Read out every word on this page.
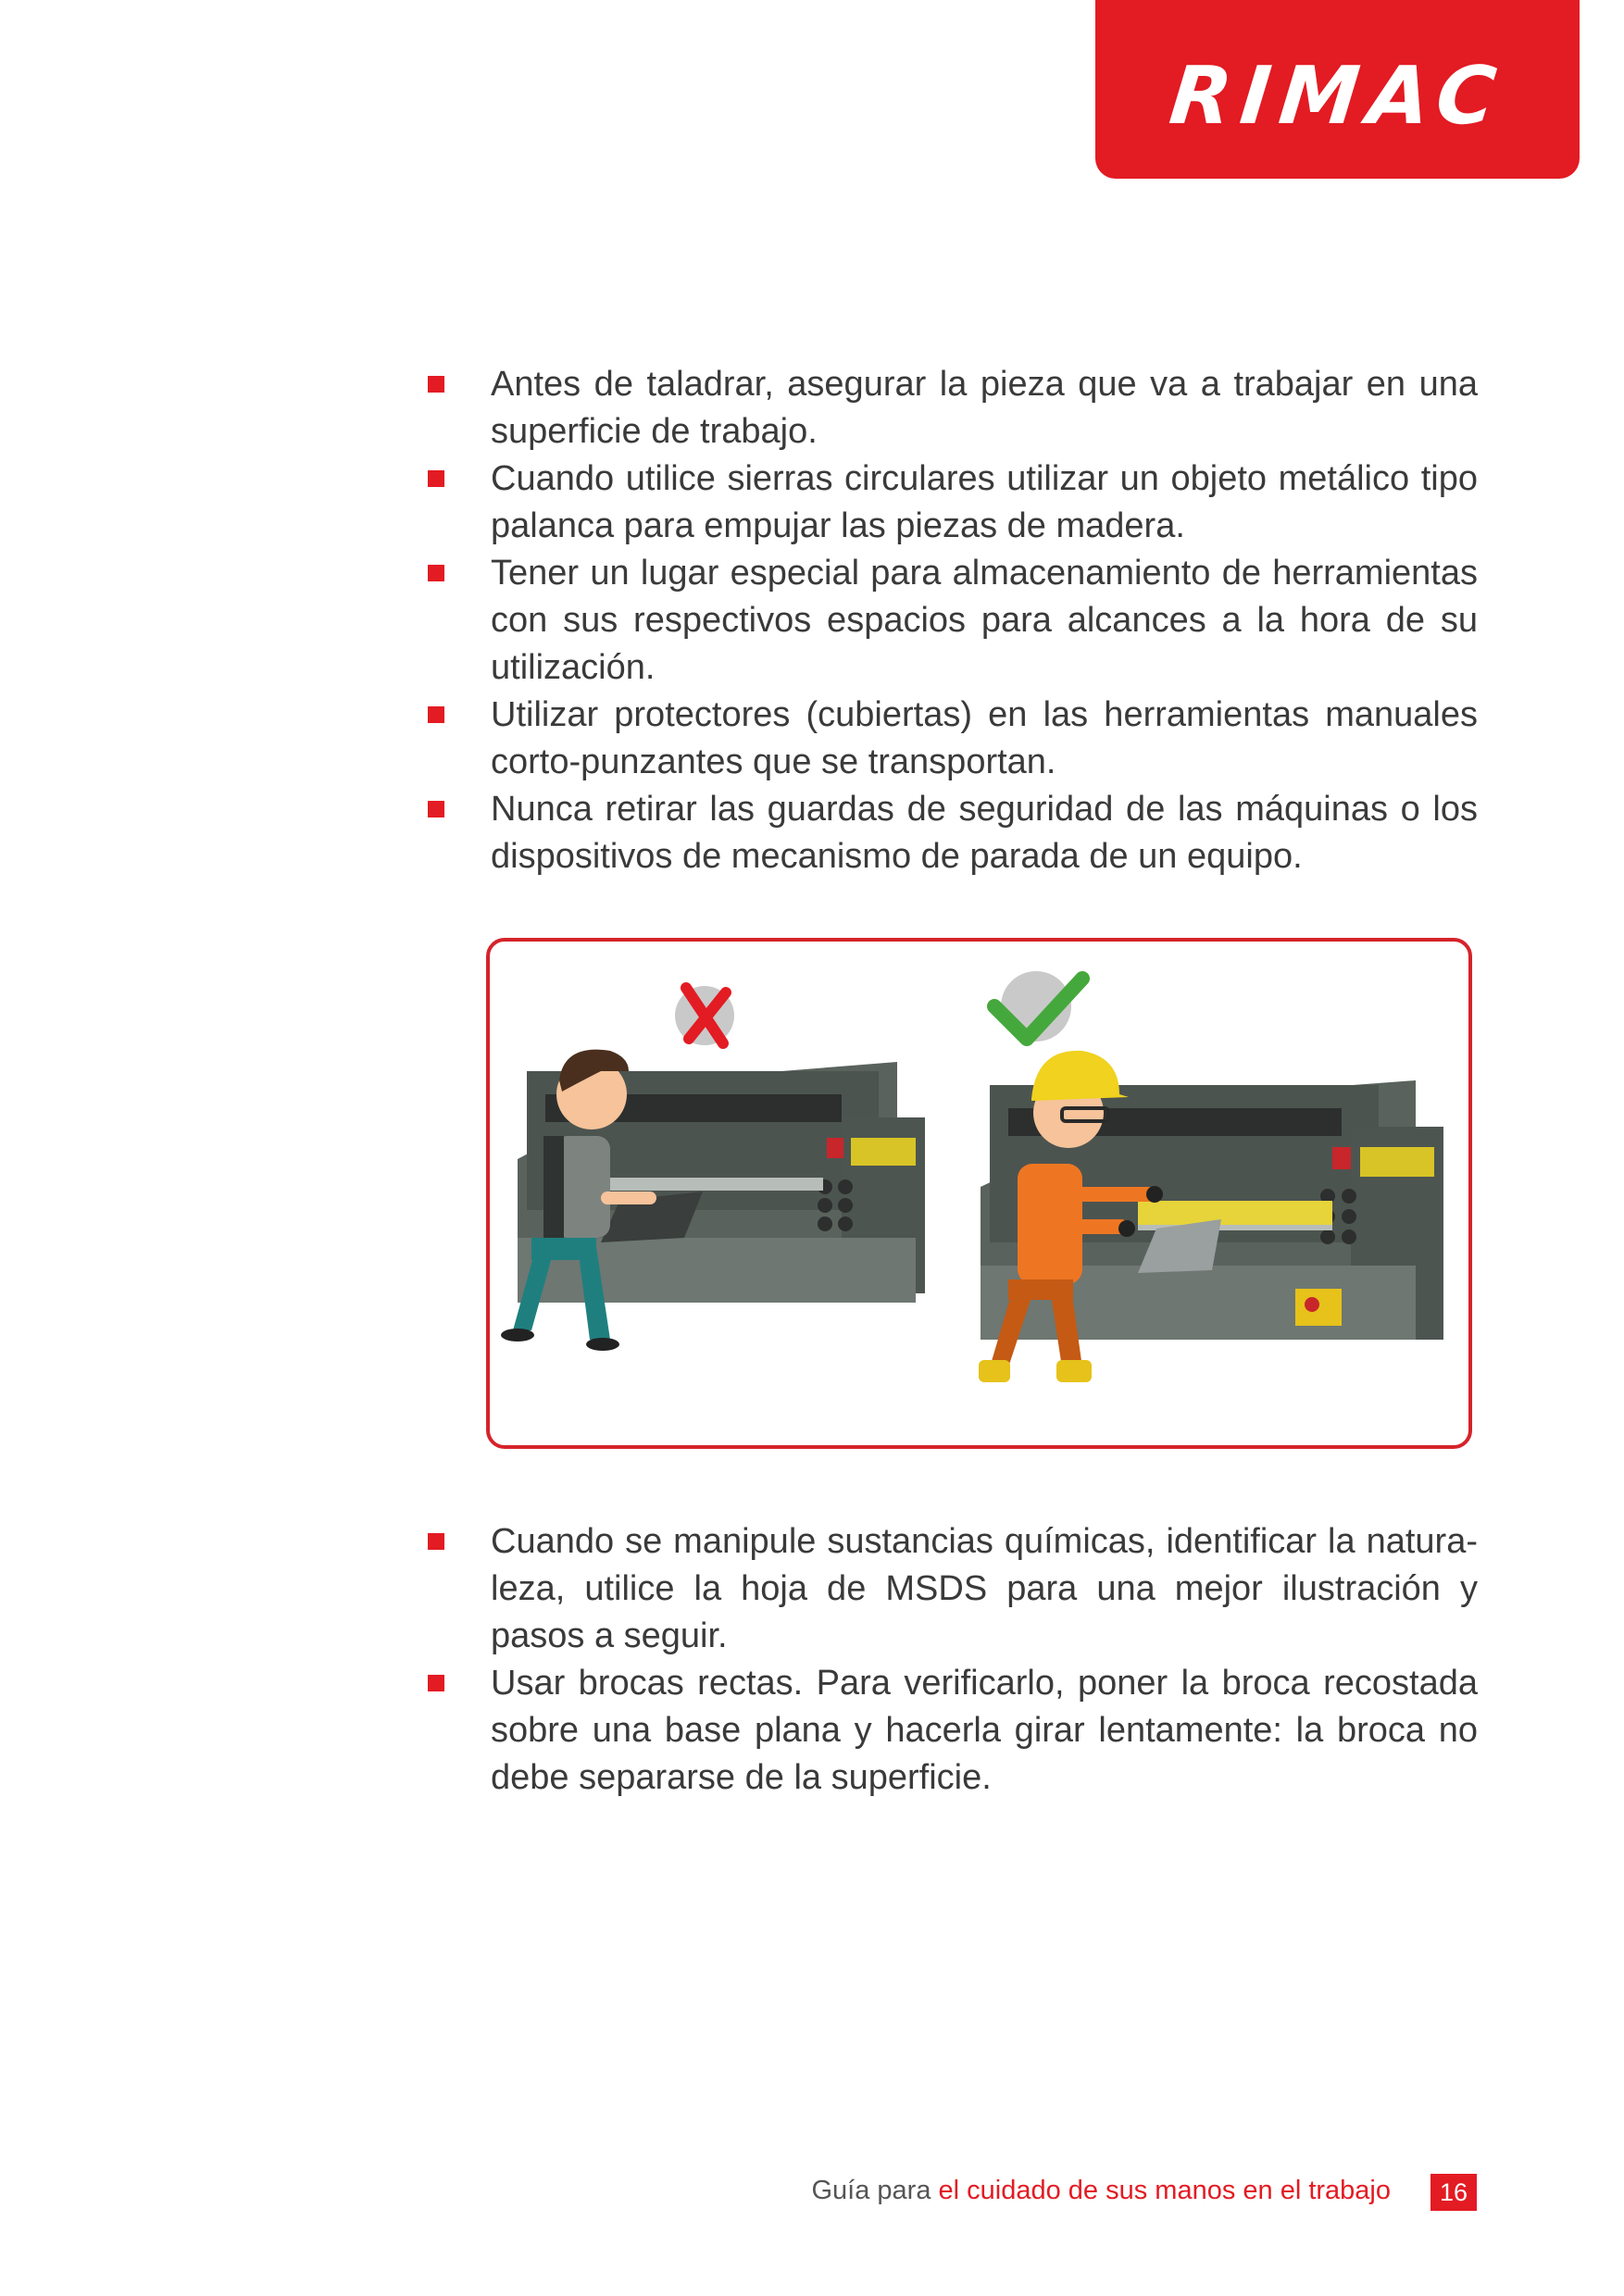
RIMAC
Antes de taladrar, asegurar la pieza que va a trabajar en una superficie de trabajo.
Cuando utilice sierras circulares utilizar un objeto metálico tipo palanca para empujar las piezas de madera.
Tener un lugar especial para almacenamiento de herramientas con sus respectivos espacios para alcances a la hora de su utilización.
Utilizar protectores (cubiertas) en las herramientas manuales corto-punzantes que se transportan.
Nunca retirar las guardas de seguridad de las máquinas o los dispositivos de mecanismo de parada de un equipo.
Cuando se manipule sustancias químicas, identificar la natura-leza, utilice la hoja de MSDS para una mejor ilustración y pasos a seguir.
Usar brocas rectas. Para verificarlo, poner la broca recostada sobre una base plana y hacerla girar lentamente: la broca no debe separarse de la superficie.
Guía para el cuidado de sus manos en el trabajo	16
